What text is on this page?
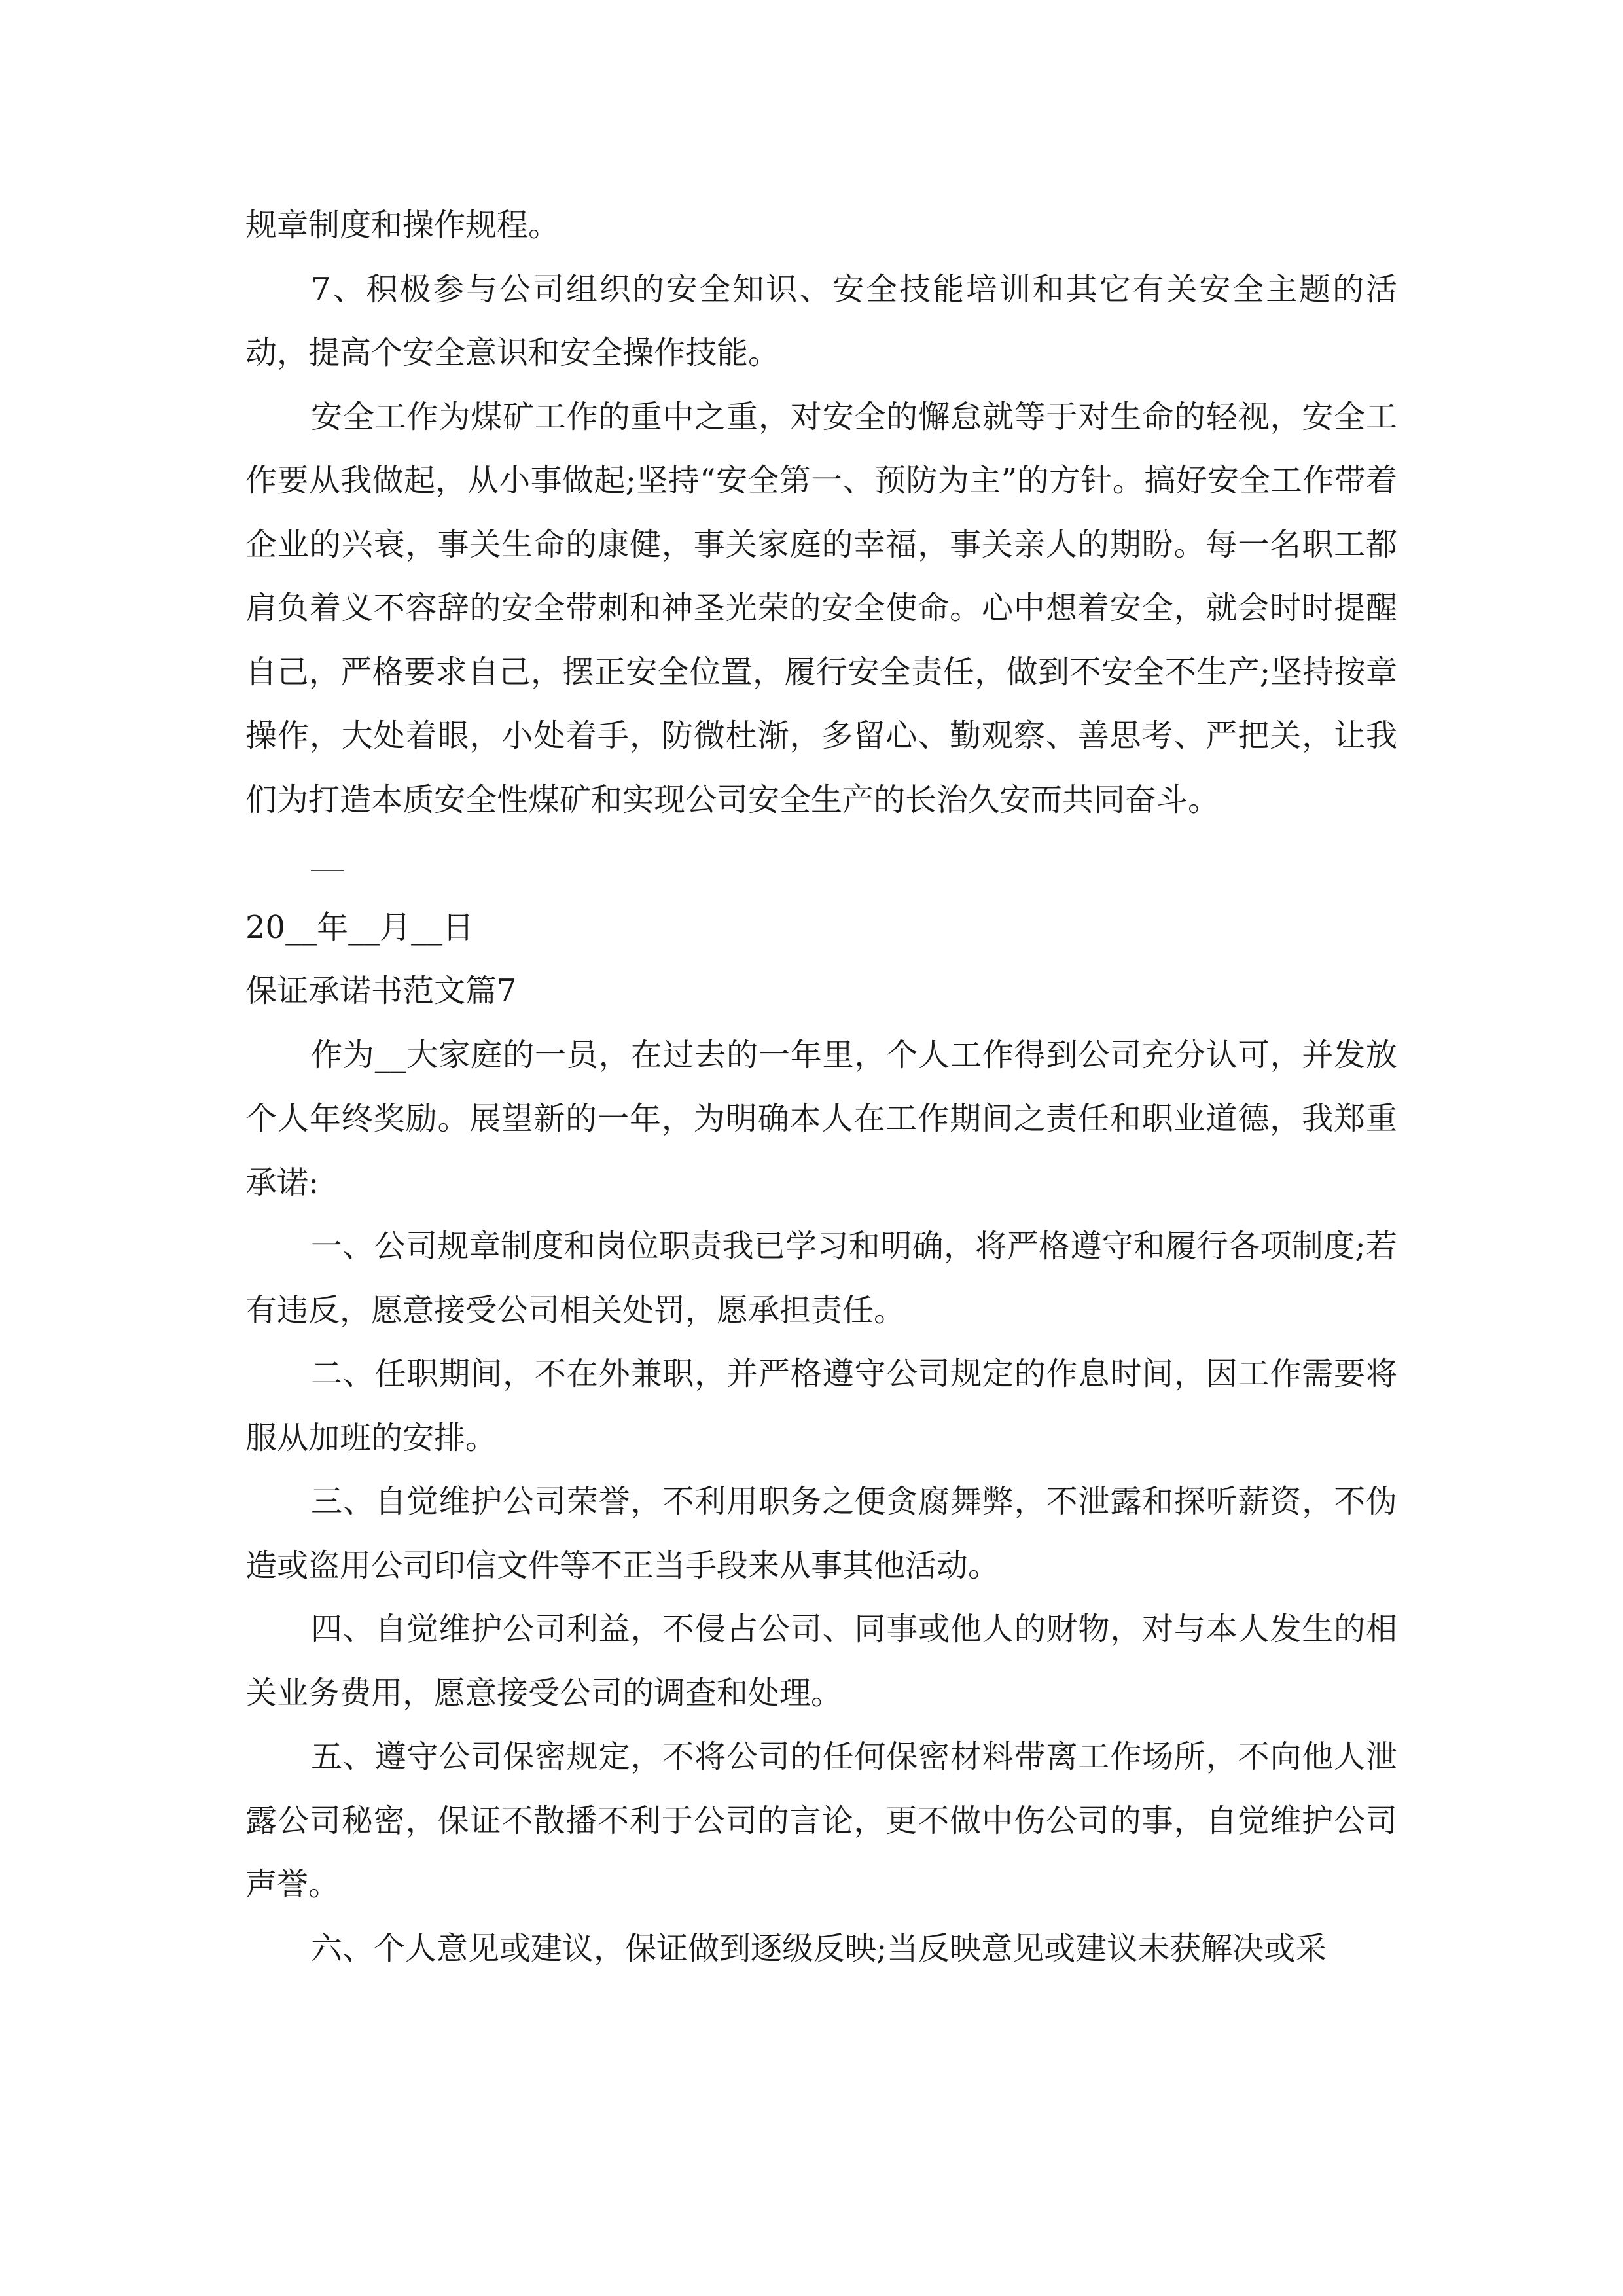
规章制度和操作规程。

7、积极参与公司组织的安全知识、安全技能培训和其它有关安全主题的活动，提高个安全意识和安全操作技能。

安全工作为煤矿工作的重中之重，对安全的懈怠就等于对生命的轻视，安全工作要从我做起，从小事做起;坚持“安全第一、预防为主”的方针。搞好安全工作带着企业的兴衰，事关生命的康健，事关家庭的幸福，事关亲人的期盼。每一名职工都肩负着义不容辞的安全带刺和神圣光荣的安全使命。心中想着安全，就会时时提醒自己，严格要求自己，摆正安全位置，履行安全责任，做到不安全不生产;坚持按章操作，大处着眼，小处着手，防微杜渐，多留心、勤观察、善思考、严把关，让我们为打造本质安全性煤矿和实现公司安全生产的长治久安而共同奋斗。

20__年__月__日

保证承诺书范文篇7

作为__大家庭的一员，在过去的一年里，个人工作得到公司充分认可，并发放个人年终奖励。展望新的一年，为明确本人在工作期间之责任和职业道德，我郑重承诺:

一、公司规章制度和岗位职责我已学习和明确，将严格遵守和履行各项制度;若有违反，愿意接受公司相关处罚，愿承担责任。

二、任职期间，不在外兼职，并严格遵守公司规定的作息时间，因工作需要将服从加班的安排。

三、自觉维护公司荣誉，不利用职务之便贪腐舞弊，不泄露和探听薪资，不伪造或盗用公司印信文件等不正当手段来从事其他活动。

四、自觉维护公司利益，不侵占公司、同事或他人的财物，对与本人发生的相关业务费用，愿意接受公司的调查和处理。

五、遵守公司保密规定，不将公司的任何保密材料带离工作场所，不向他人泄露公司秘密，保证不散播不利于公司的言论，更不做中伤公司的事，自觉维护公司声誉。

六、个人意见或建议，保证做到逐级反映;当反映意见或建议未获解决或采
